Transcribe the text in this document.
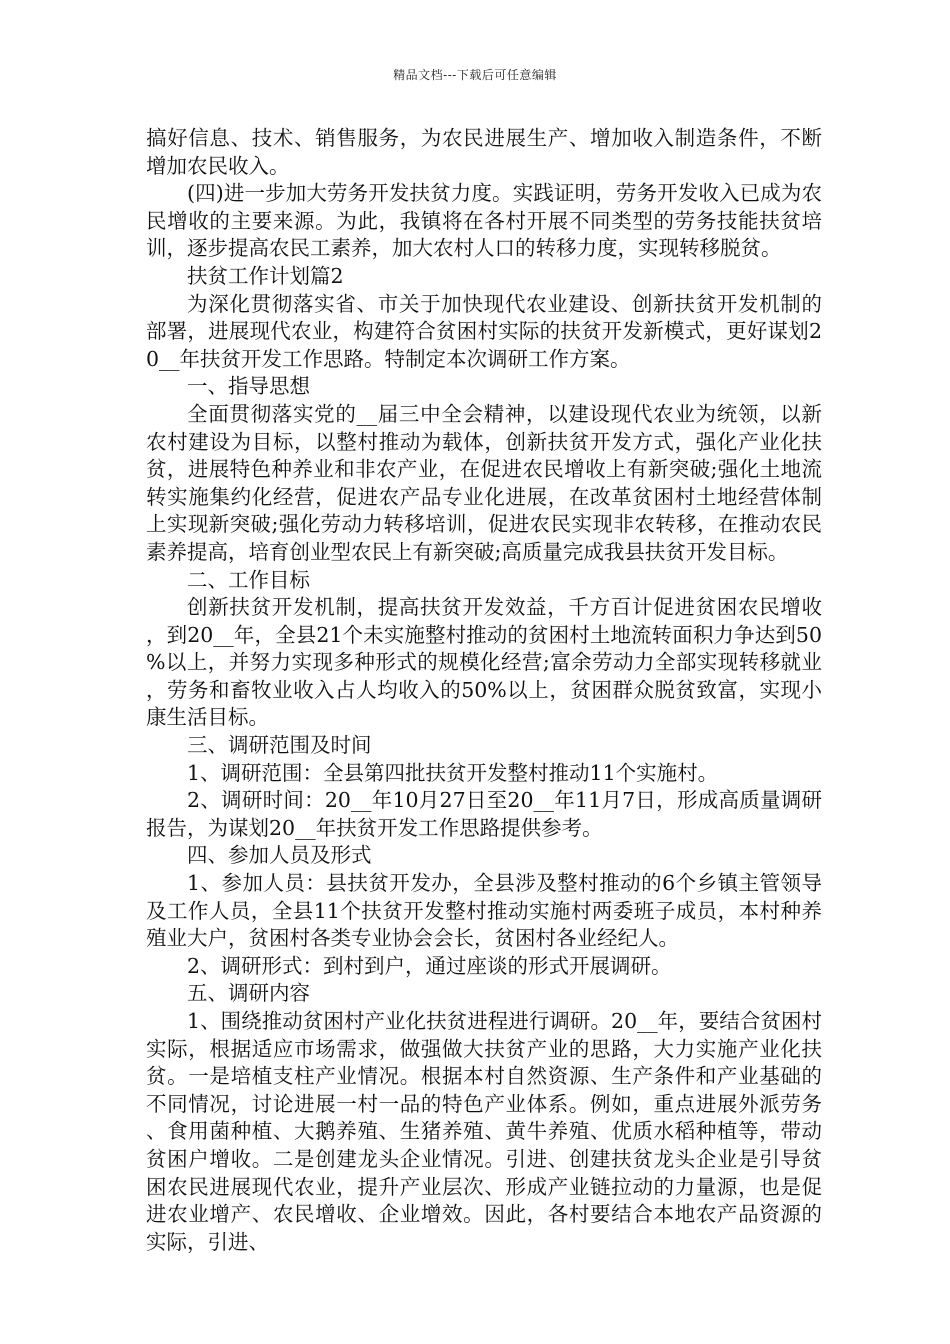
精品文档---下载后可任意编辑

搞好信息、技术、销售服务，为农民进展生产、增加收入制造条件，不断增加农民收入。

(四)进一步加大劳务开发扶贫力度。实践证明，劳务开发收入已成为农民增收的主要来源。为此，我镇将在各村开展不同类型的劳务技能扶贫培训，逐步提高农民工素养，加大农村人口的转移力度，实现转移脱贫。

扶贫工作计划篇2

为深化贯彻落实省、市关于加快现代农业建设、创新扶贫开发机制的部署，进展现代农业，构建符合贫困村实际的扶贫开发新模式，更好谋划20__年扶贫开发工作思路。特制定本次调研工作方案。

一、指导思想

全面贯彻落实党的__届三中全会精神，以建设现代农业为统领，以新农村建设为目标，以整村推动为载体，创新扶贫开发方式，强化产业化扶贫，进展特色种养业和非农产业，在促进农民增收上有新突破;强化土地流转实施集约化经营，促进农产品专业化进展，在改革贫困村土地经营体制上实现新突破;强化劳动力转移培训，促进农民实现非农转移，在推动农民素养提高，培育创业型农民上有新突破;高质量完成我县扶贫开发目标。

二、工作目标

创新扶贫开发机制，提高扶贫开发效益，千方百计促进贫困农民增收，到20__年，全县21个未实施整村推动的贫困村土地流转面积力争达到50%以上，并努力实现多种形式的规模化经营;富余劳动力全部实现转移就业，劳务和畜牧业收入占人均收入的50%以上，贫困群众脱贫致富，实现小康生活目标。

三、调研范围及时间

1、调研范围：全县第四批扶贫开发整村推动11个实施村。

2、调研时间：20__年10月27日至20__年11月7日，形成高质量调研报告，为谋划20__年扶贫开发工作思路提供参考。

四、参加人员及形式

1、参加人员：县扶贫开发办，全县涉及整村推动的6个乡镇主管领导及工作人员，全县11个扶贫开发整村推动实施村两委班子成员，本村种养殖业大户，贫困村各类专业协会会长，贫困村各业经纪人。

2、调研形式：到村到户，通过座谈的形式开展调研。

五、调研内容

1、围绕推动贫困村产业化扶贫进程进行调研。20__年，要结合贫困村实际，根据适应市场需求，做强做大扶贫产业的思路，大力实施产业化扶贫。一是培植支柱产业情况。根据本村自然资源、生产条件和产业基础的不同情况，讨论进展一村一品的特色产业体系。例如，重点进展外派劳务、食用菌种植、大鹅养殖、生猪养殖、黄牛养殖、优质水稻种植等，带动贫困户增收。二是创建龙头企业情况。引进、创建扶贫龙头企业是引导贫困农民进展现代农业，提升产业层次、形成产业链拉动的力量源，也是促进农业增产、农民增收、企业增效。因此，各村要结合本地农产品资源的实际，引进、
